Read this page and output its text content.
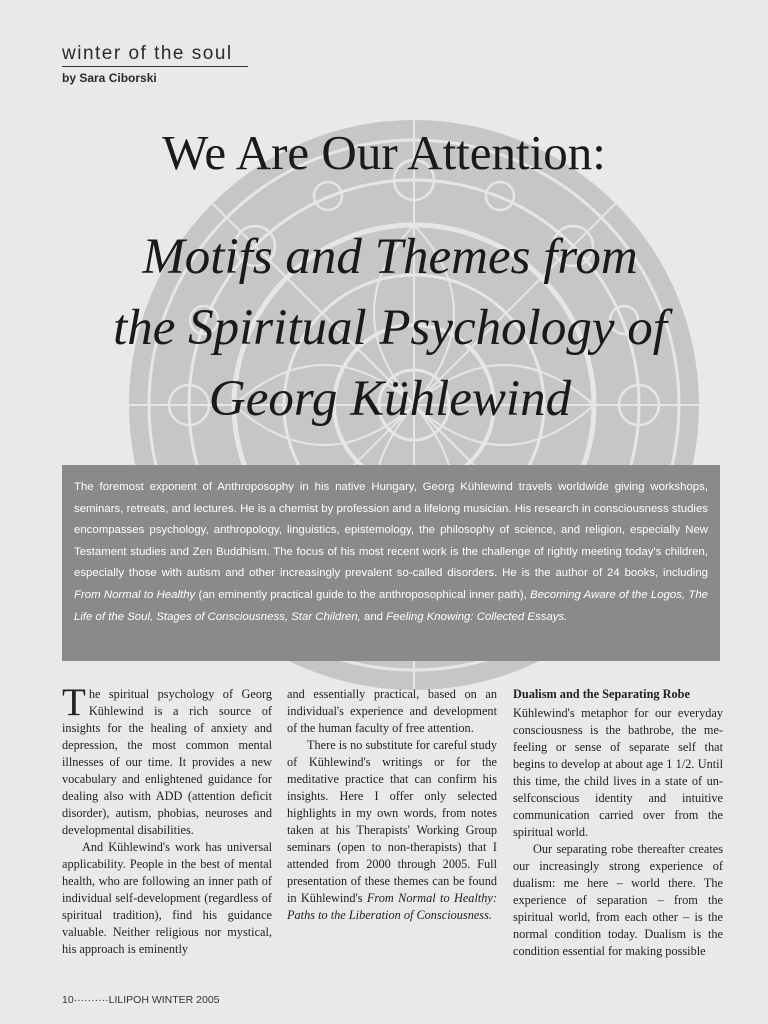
winter of the soul
by Sara Ciborski
We Are Our Attention:
Motifs and Themes from
the Spiritual Psychology of
Georg Kühlewind

The foremost exponent of Anthroposophy in his native Hungary, Georg Kühlewind travels worldwide giving workshops, seminars, retreats, and lectures. He is a chemist by profession and a lifelong musician. His research in consciousness studies encompasses psychology, anthropology, linguistics, epistemology, the philosophy of science, and religion, especially New Testament studies and Zen Buddhism. The focus of his most recent work is the challenge of rightly meeting today's children, especially those with autism and other increasingly prevalent so-called disorders. He is the author of 24 books, including From Normal to Healthy (an eminently practical guide to the anthroposophical inner path), Becoming Aware of the Logos, The Life of the Soul, Stages of Consciousness, Star Children, and Feeling Knowing: Collected Essays.

The spiritual psychology of Georg Kühlewind is a rich source of insights for the healing of anxiety and depression, the most common mental illnesses of our time. It provides a new vocabulary and enlightened guidance for dealing also with ADD (attention deficit disorder), autism, phobias, neuroses and developmental disabilities.

And Kühlewind's work has universal applicability. People in the best of mental health, who are following an inner path of individual self-development (regardless of spiritual tradition), find his guidance valuable. Neither religious nor mystical, his approach is eminently

and essentially practical, based on an individual's experience and development of the human faculty of free attention.

There is no substitute for careful study of Kühlewind's writings or for the meditative practice that can confirm his insights. Here I offer only selected highlights in my own words, from notes taken at his Therapists' Working Group seminars (open to non-therapists) that I attended from 2000 through 2005. Full presentation of these themes can be found in Kühlewind's From Normal to Healthy: Paths to the Liberation of Consciousness.

Dualism and the Separating Robe

Kühlewind's metaphor for our everyday consciousness is the bathrobe, the me-feeling or sense of separate self that begins to develop at about age 1 1/2. Until this time, the child lives in a state of un-selfconscious identity and intuitive communication carried over from the spiritual world.

Our separating robe thereafter creates our increasingly strong experience of dualism: me here – world there. The experience of separation – from the spiritual world, from each other – is the normal condition today. Dualism is the condition essential for making possible

10··········LILIPOH WINTER 2005
